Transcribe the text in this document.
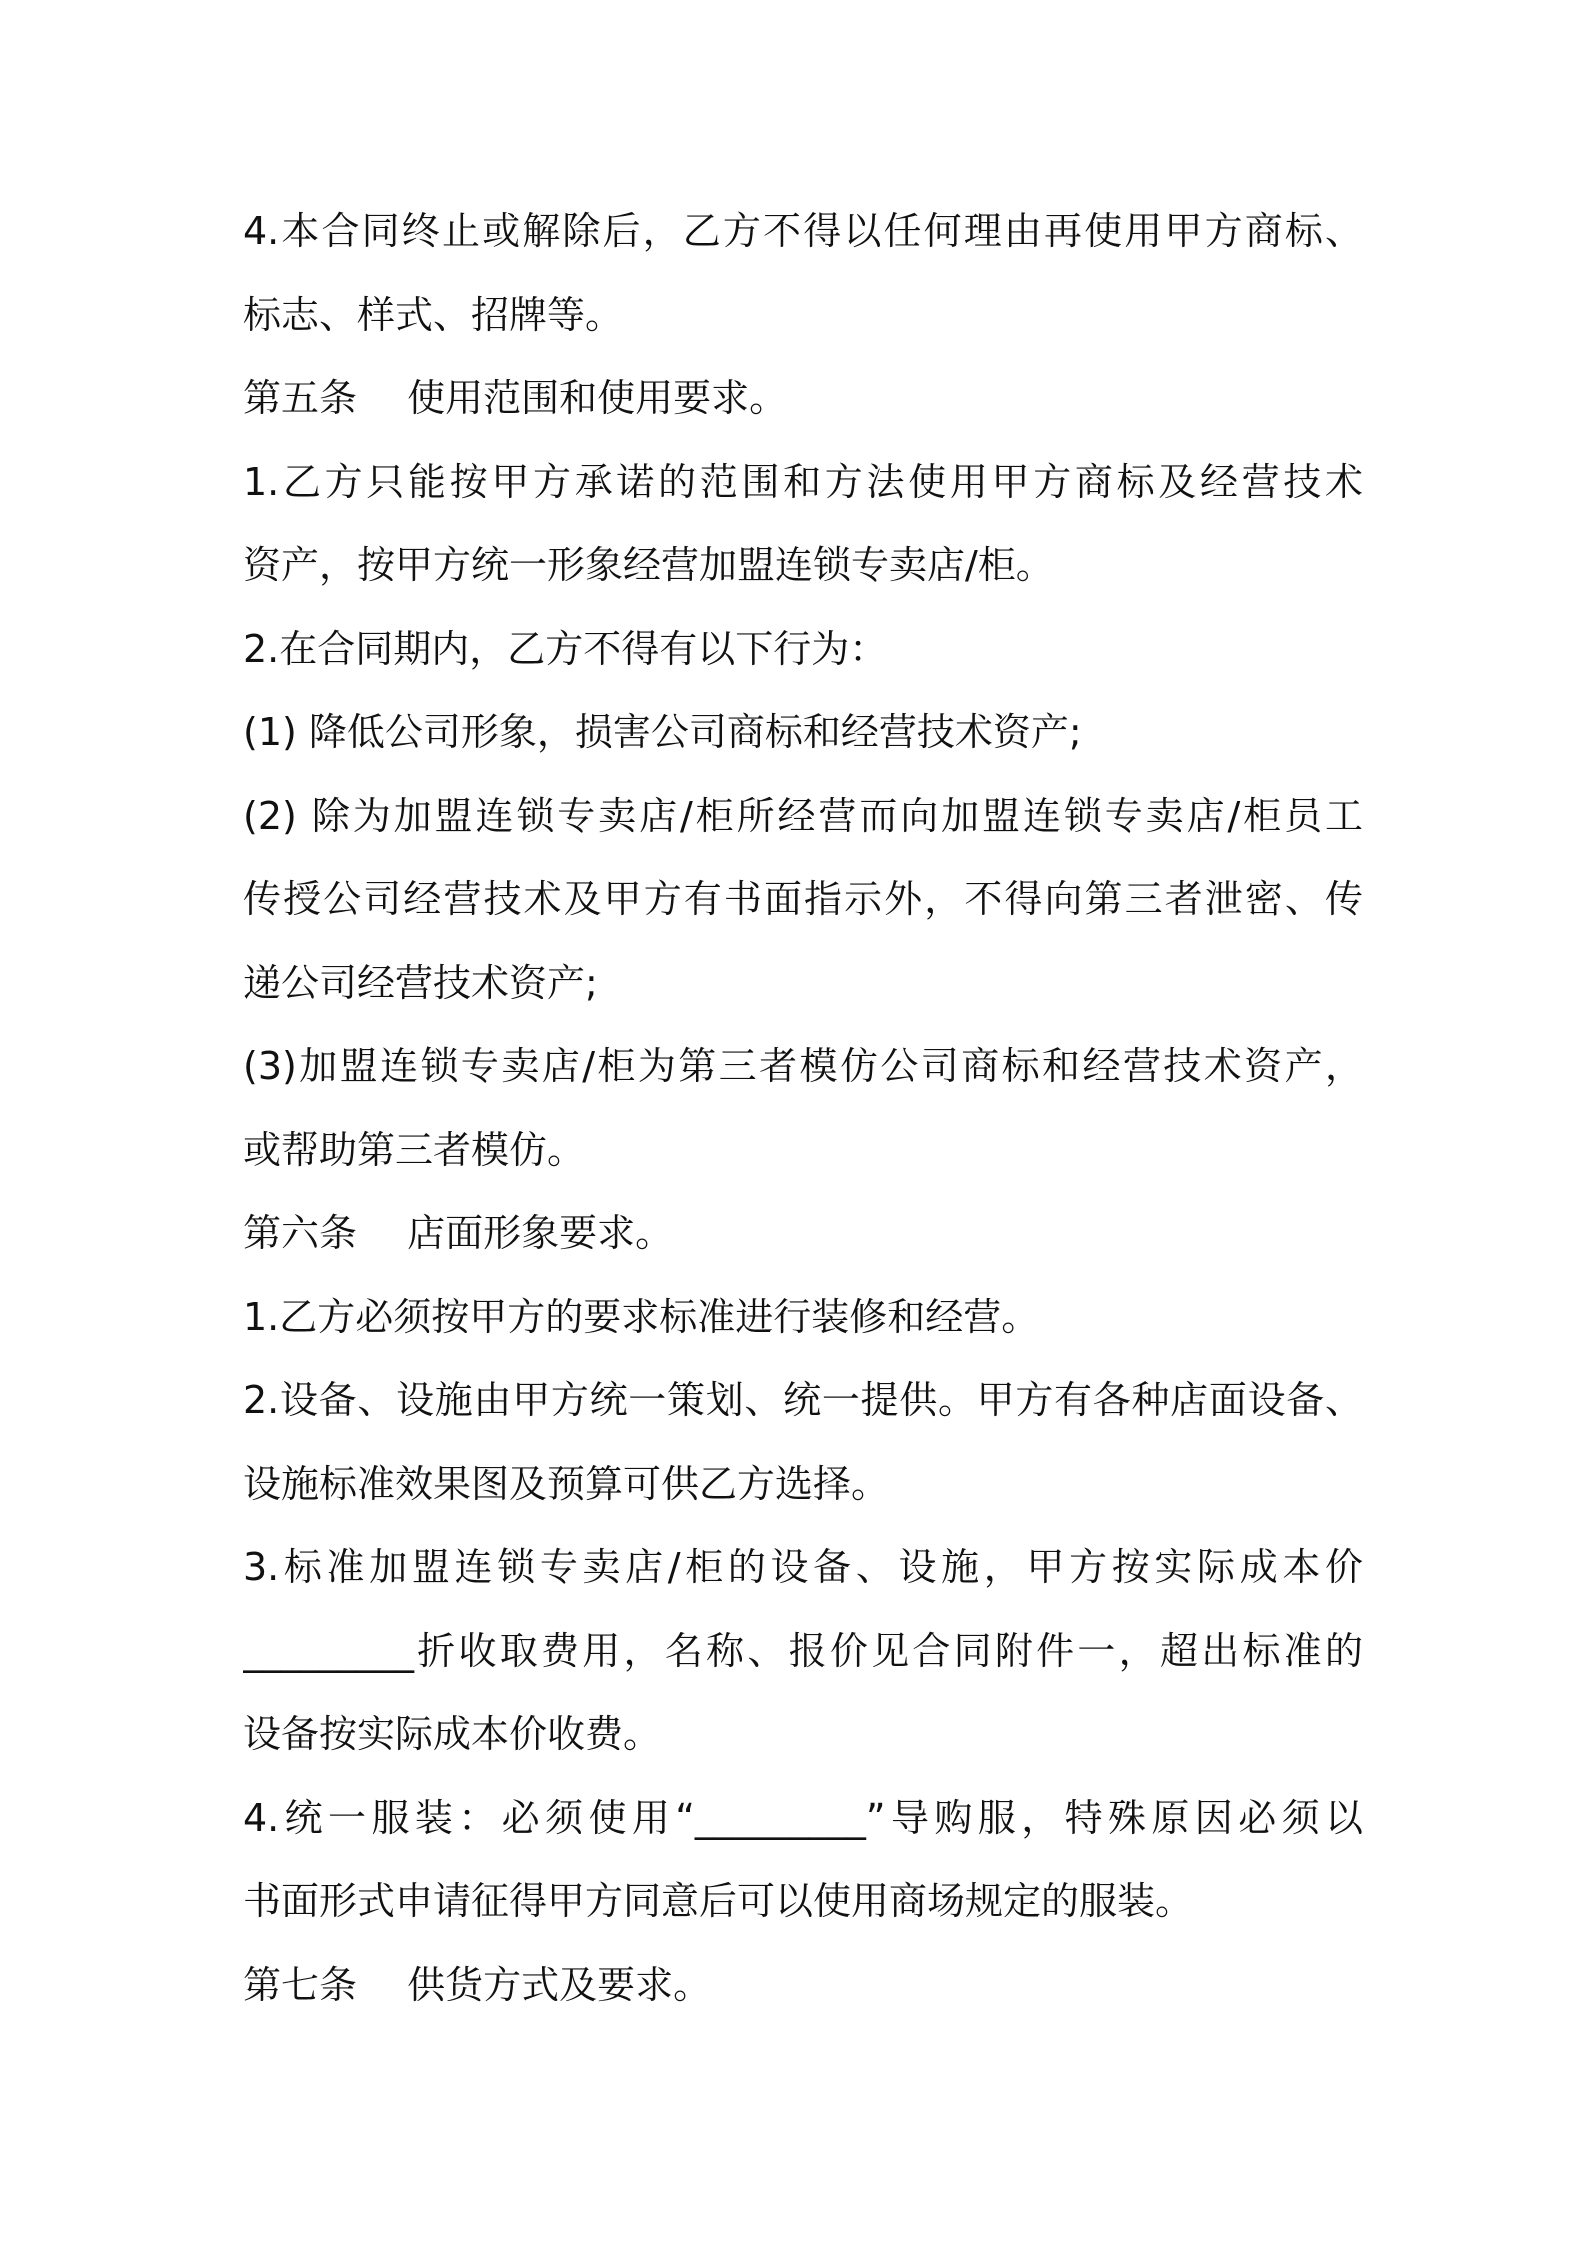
4.本合同终止或解除后，乙方不得以任何理由再使用甲方商标、
标志、样式、招牌等。
第五条　 使用范围和使用要求。
1.乙方只能按甲方承诺的范围和方法使用甲方商标及经营技术
资产，按甲方统一形象经营加盟连锁专卖店/柜。
2.在合同期内，乙方不得有以下行为：
(1) 降低公司形象，损害公司商标和经营技术资产;
(2) 除为加盟连锁专卖店/柜所经营而向加盟连锁专卖店/柜员工
传授公司经营技术及甲方有书面指示外，不得向第三者泄密、传
递公司经营技术资产;
(3)加盟连锁专卖店/柜为第三者模仿公司商标和经营技术资产，
或帮助第三者模仿。
第六条　 店面形象要求。
1.乙方必须按甲方的要求标准进行装修和经营。
2.设备、设施由甲方统一策划、统一提供。甲方有各种店面设备、
设施标准效果图及预算可供乙方选择。
3.标准加盟连锁专卖店/柜的设备、设施，甲方按实际成本价
_________折收取费用，名称、报价见合同附件一，超出标准的
设备按实际成本价收费。
4.统一服装：必须使用“_________”导购服，特殊原因必须以
书面形式申请征得甲方同意后可以使用商场规定的服装。
第七条　 供货方式及要求。
